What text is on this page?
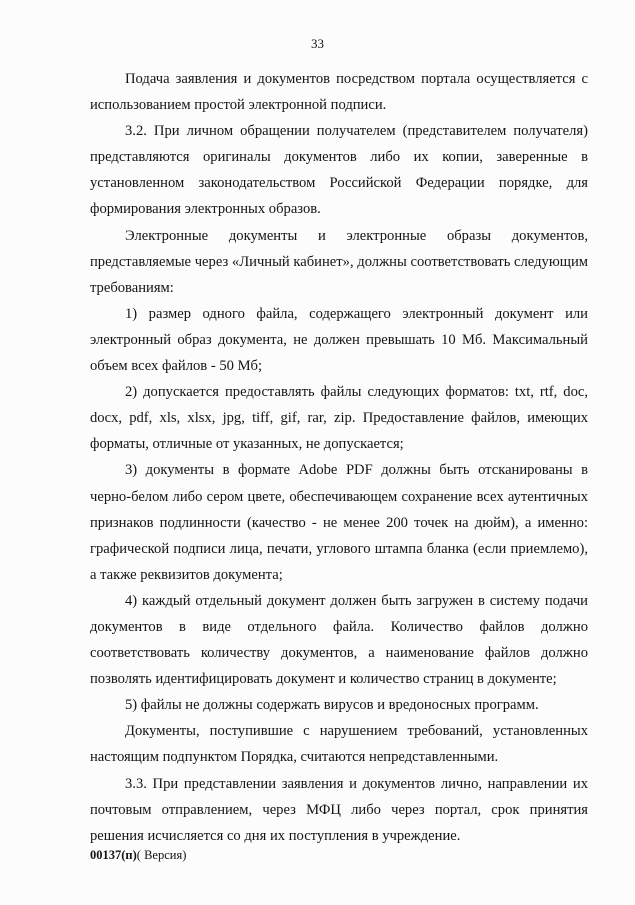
33

Подача заявления и документов посредством портала осуществляется с использованием простой электронной подписи.

3.2. При личном обращении получателем (представителем получателя) представляются оригиналы документов либо их копии, заверенные в установленном законодательством Российской Федерации порядке, для формирования электронных образов.

Электронные документы и электронные образы документов, представляемые через «Личный кабинет», должны соответствовать следующим требованиям:

1) размер одного файла, содержащего электронный документ или электронный образ документа, не должен превышать 10 Мб. Максимальный объем всех файлов - 50 Мб;

2) допускается предоставлять файлы следующих форматов: txt, rtf, doc, docx, pdf, xls, xlsx, jpg, tiff, gif, rar, zip. Предоставление файлов, имеющих форматы, отличные от указанных, не допускается;

3) документы в формате Adobe PDF должны быть отсканированы в черно-белом либо сером цвете, обеспечивающем сохранение всех аутентичных признаков подлинности (качество - не менее 200 точек на дюйм), а именно: графической подписи лица, печати, углового штампа бланка (если приемлемо), а также реквизитов документа;

4) каждый отдельный документ должен быть загружен в систему подачи документов в виде отдельного файла. Количество файлов должно соответствовать количеству документов, а наименование файлов должно позволять идентифицировать документ и количество страниц в документе;

5) файлы не должны содержать вирусов и вредоносных программ.

Документы, поступившие с нарушением требований, установленных настоящим подпунктом Порядка, считаются непредставленными.

3.3. При представлении заявления и документов лично, направлении их почтовым отправлением, через МФЦ либо через портал, срок принятия решения исчисляется со дня их поступления в учреждение.

00137(п)( Версия)
